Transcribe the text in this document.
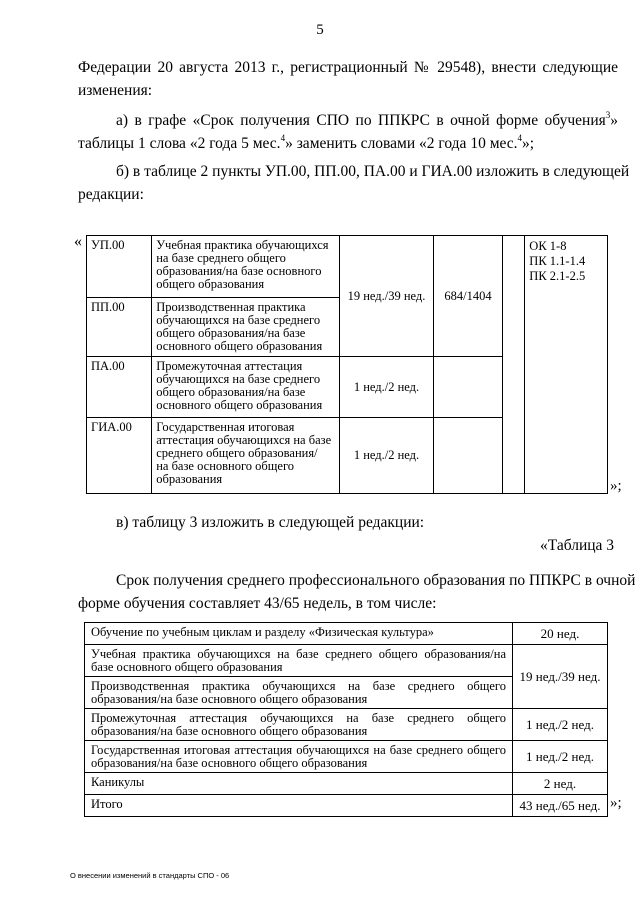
5
Федерации 20 августа 2013 г., регистрационный № 29548), внести следующие
изменения:
а) в графе «Срок получения СПО по ППКРС в очной форме обучения$^3$»
таблицы 1 слова «2 года 5 мес.$^4$» заменить словами «2 года 10 мес.$^4$»;
б) в таблице 2 пункты УП.00, ПП.00, ПА.00 и ГИА.00 изложить в следующей
редакции:
« УП.00	Учебная практика обучающихся
на базе среднего общего
образования/на базе основного
общего образования	19 нед./39 нед.	684/1404		ОК 1-8
ПК 1.1-1.4
ПК 2.1-2.5

ПП.00	Производственная практика
обучающихся на базе среднего
общего образования/на базе
основного общего образования				

ПА.00	Промежуточная аттестация
обучающихся на базе среднего
общего образования/на базе
основного общего образования	1 нед./2 нед.			
ГИА.00	Государственная итоговая
аттестация обучающихся на базе
среднего общего образования/
на базе основного общего
образования	1 нед./2 нед.			
»;
в) таблицу 3 изложить в следующей редакции:
«Таблица 3
Срок получения среднего профессионального образования по ППКРС в очной
форме обучения составляет 43/65 недель, в том числе:
Обучение по учебным циклам и разделу «Физическая культура»	20 нед.
Учебная практика обучающихся на базе среднего общего образования/на базе основного общего образования	19 нед./39 нед.
Производственная практика обучающихся на базе среднего общего образования/на базе основного общего образования	
Промежуточная аттестация обучающихся на базе среднего общего образования/на базе основного общего образования	1 нед./2 нед.
Государственная итоговая аттестация обучающихся на базе среднего общего образования/на базе основного общего образования	1 нед./2 нед.
Каникулы	2 нед.
Итого	43 нед./65 нед. »;
О внесении изменений в стандарты СПО - 06
